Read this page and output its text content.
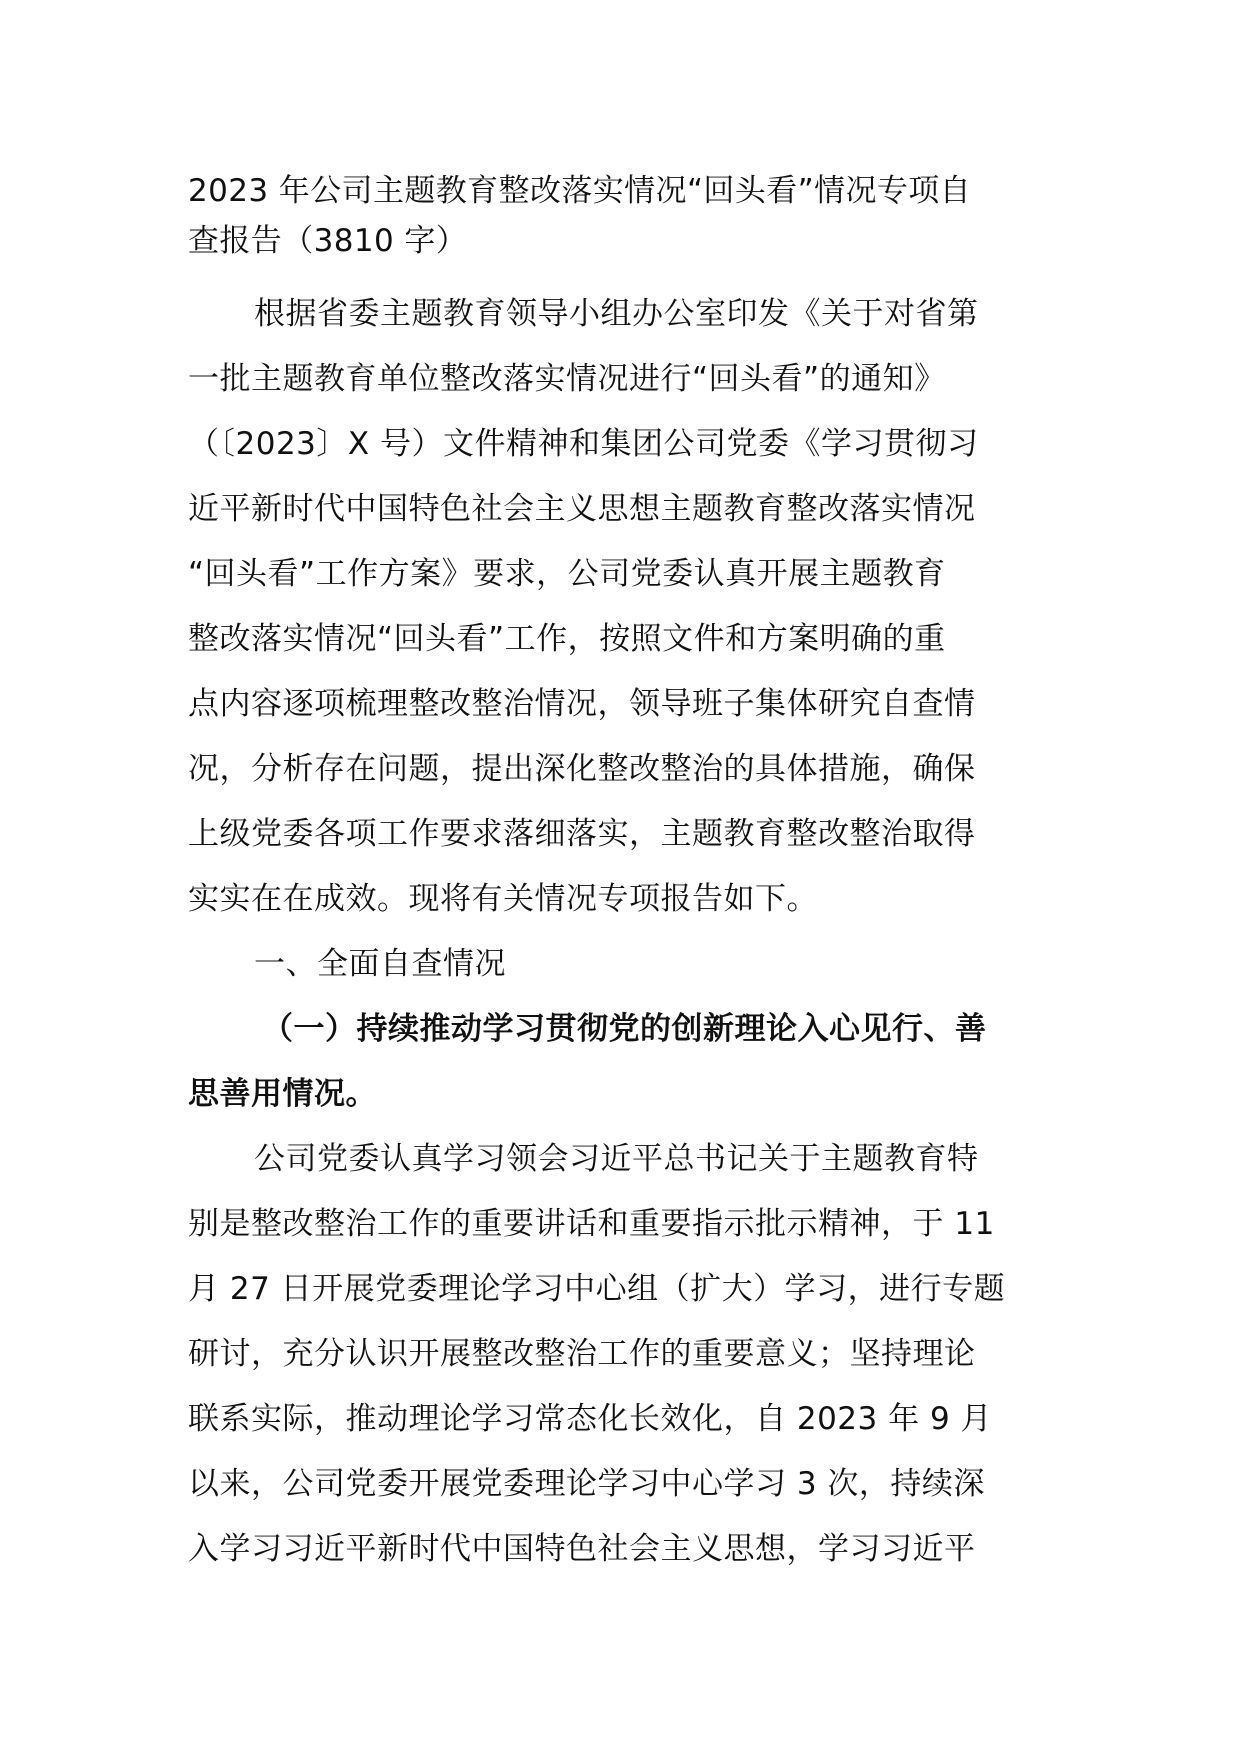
2023 年公司主题教育整改落实情况“回头看”情况专项自
查报告（3810 字）
根据省委主题教育领导小组办公室印发《关于对省第
一批主题教育单位整改落实情况进行“回头看”的通知》
（〔2023〕X 号）文件精神和集团公司党委《学习贯彻习
近平新时代中国特色社会主义思想主题教育整改落实情况
“回头看”工作方案》要求，公司党委认真开展主题教育
整改落实情况“回头看”工作，按照文件和方案明确的重
点内容逐项梳理整改整治情况，领导班子集体研究自查情
况，分析存在问题，提出深化整改整治的具体措施，确保
上级党委各项工作要求落细落实，主题教育整改整治取得
实实在在成效。现将有关情况专项报告如下。
一、全面自查情况
（一）持续推动学习贯彻党的创新理论入心见行、善
思善用情况。
公司党委认真学习领会习近平总书记关于主题教育特
别是整改整治工作的重要讲话和重要指示批示精神，于 11
月 27 日开展党委理论学习中心组（扩大）学习，进行专题
研讨，充分认识开展整改整治工作的重要意义；坚持理论
联系实际，推动理论学习常态化长效化，自 2023 年 9 月
以来，公司党委开展党委理论学习中心学习 3 次，持续深
入学习习近平新时代中国特色社会主义思想，学习习近平
